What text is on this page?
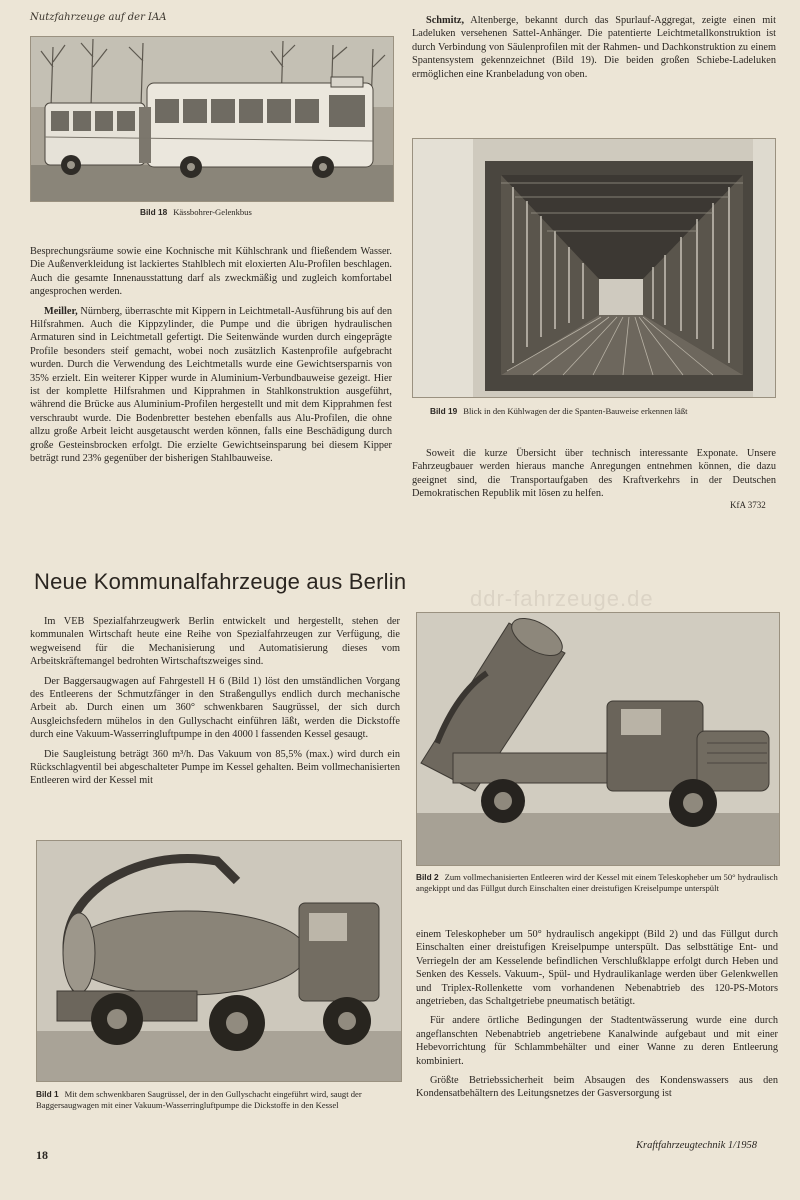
Nutzfahrzeuge auf der IAA
Bild 18 Kässbohrer-Gelenkbus

Besprechungsräume sowie eine Kochnische mit Kühlschrank und fließendem Wasser. Die Außenverkleidung ist lackiertes Stahlblech mit eloxierten Alu-Profilen beschlagen. Auch die gesamte Innenausstattung darf als zweckmäßig und zugleich komfortabel angesprochen werden.

Meiller, Nürnberg, überraschte mit Kippern in Leichtmetall-Ausführung bis auf den Hilfsrahmen. Auch die Kippzylinder, die Pumpe und die übrigen hydraulischen Armaturen sind in Leichtmetall gefertigt. Die Seitenwände wurden durch eingeprägte Profile besonders steif gemacht, wobei noch zusätzlich Kastenprofile aufgebracht wurden. Durch die Verwendung des Leichtmetalls wurde eine Gewichtsersparnis von 35% erzielt. Ein weiterer Kipper wurde in Aluminium-Verbundbauweise gezeigt. Hier ist der komplette Hilfsrahmen und Kipprahmen in Stahlkonstruktion ausgeführt, während die Brücke aus Aluminium-Profilen hergestellt und mit dem Kipprahmen fest verschraubt wurde. Die Bodenbretter bestehen ebenfalls aus Alu-Profilen, die ohne allzu große Arbeit leicht ausgetauscht werden können, falls eine Beschädigung durch große Gesteinsbrocken erfolgt. Die erzielte Gewichtseinsparung bei diesem Kipper beträgt rund 23% gegenüber der bisherigen Stahlbauweise.

Schmitz, Altenberge, bekannt durch das Spurlauf-Aggregat, zeigte einen mit Ladeluken versehenen Sattel-Anhänger. Die patentierte Leichtmetallkonstruktion ist durch Verbindung von Säulenprofilen mit der Rahmen- und Dachkonstruktion zu einem Spantensystem gekennzeichnet (Bild 19). Die beiden großen Schiebe-Ladeluken ermöglichen eine Kranbeladung von oben.

Bild 19 Blick in den Kühlwagen der die Spanten-Bauweise erkennen läßt

Soweit die kurze Übersicht über technisch interessante Exponate. Unsere Fahrzeugbauer werden hieraus manche Anregungen entnehmen können, die dazu geeignet sind, die Transportaufgaben des Kraftverkehrs in der Deutschen Demokratischen Republik mit lösen zu helfen.

KfA 3732
Neue Kommunalfahrzeuge aus Berlin
ddr-fahrzeuge.de

Im VEB Spezialfahrzeugwerk Berlin entwickelt und hergestellt, stehen der kommunalen Wirtschaft heute eine Reihe von Spezialfahrzeugen zur Verfügung, die wegweisend für die Mechanisierung und Automatisierung dieses vom Arbeitskräftemangel bedrohten Wirtschaftszweiges sind.

Der Baggersaugwagen auf Fahrgestell H 6 (Bild 1) löst den umständlichen Vorgang des Entleerens der Schmutzfänger in den Straßengullys endlich durch mechanische Arbeit ab. Durch einen um 360° schwenkbaren Saugrüssel, der sich durch Ausgleichsfedern mühelos in den Gullyschacht einführen läßt, werden die Dickstoffe durch eine Vakuum-Wasserringluftpumpe in den 4000 l fassenden Kessel gesaugt.

Die Saugleistung beträgt 360 m³/h. Das Vakuum von 85,5% (max.) wird durch ein Rückschlagventil bei abgeschalteter Pumpe im Kessel gehalten. Beim vollmechanisierten Entleeren wird der Kessel mit

Bild 2 Zum vollmechanisierten Entleeren wird der Kessel mit einem Teleskopheber um 50° hydraulisch angekippt und das Füllgut durch Einschalten einer dreistufigen Kreiselpumpe unterspült
Bild 1 Mit dem schwenkbaren Saugrüssel, der in den Gullyschacht eingeführt wird, saugt der Baggersaugwagen mit einer Vakuum-Wasserringluftpumpe die Dickstoffe in den Kessel

einem Teleskopheber um 50° hydraulisch angekippt (Bild 2) und das Füllgut durch Einschalten einer dreistufigen Kreiselpumpe unterspült. Das selbsttätige Ent- und Verriegeln der am Kesselende befindlichen Verschlußklappe erfolgt durch Heben und Senken des Kessels. Vakuum-, Spül- und Hydraulikanlage werden über Gelenkwellen und Triplex-Rollenkette vom vorhandenen Nebenabtrieb des 120-PS-Motors angetrieben, das Schaltgetriebe pneumatisch betätigt.

Für andere örtliche Bedingungen der Stadtentwässerung wurde eine durch angeflanschten Nebenabtrieb angetriebene Kanalwinde aufgebaut und mit einer Hebevorrichtung für Schlammbehälter und einer Wanne zu deren Entleerung kombiniert.

Größte Betriebssicherheit beim Absaugen des Kondenswassers aus den Kondensatbehältern des Leitungsnetzes der Gasversorgung ist

18
Kraftfahrzeugtechnik 1/1958
